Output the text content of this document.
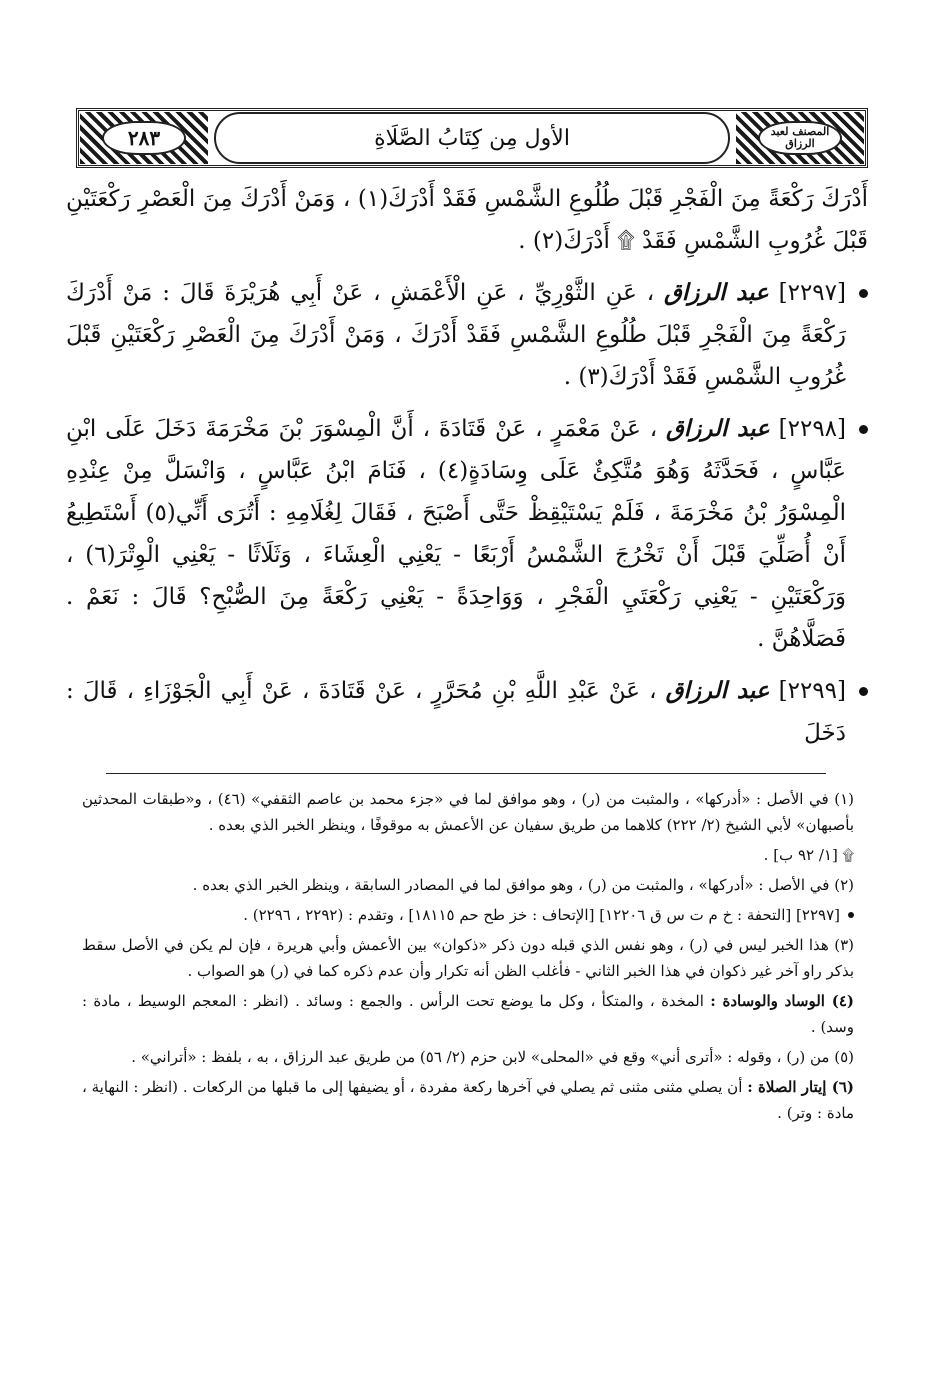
المصنف لعبد الرزاق
الأول مِن كِتَابُ الصَّلَاةِ
٢٨٣

أَدْرَكَ رَكْعَةً مِنَ الْفَجْرِ قَبْلَ طُلُوعِ الشَّمْسِ فَقَدْ أَدْرَكَ(١) ، وَمَنْ أَدْرَكَ مِنَ الْعَصْرِ رَكْعَتَيْنِ قَبْلَ غُرُوبِ الشَّمْسِ فَقَدْ ۩ أَدْرَكَ(٢) .

[٢٢٩٧] عبد الرزاق ، عَنِ الثَّوْرِيِّ ، عَنِ الْأَعْمَشِ ، عَنْ أَبِي هُرَيْرَةَ قَالَ : مَنْ أَدْرَكَ رَكْعَةً مِنَ الْفَجْرِ قَبْلَ طُلُوعِ الشَّمْسِ فَقَدْ أَدْرَكَ ، وَمَنْ أَدْرَكَ مِنَ الْعَصْرِ رَكْعَتَيْنِ قَبْلَ غُرُوبِ الشَّمْسِ فَقَدْ أَدْرَكَ(٣) .

[٢٢٩٨] عبد الرزاق ، عَنْ مَعْمَرٍ ، عَنْ قَتَادَةَ ، أَنَّ الْمِسْوَرَ بْنَ مَخْرَمَةَ دَخَلَ عَلَى ابْنِ عَبَّاسٍ ، فَحَدَّثَهُ وَهُوَ مُتَّكِئٌ عَلَى وِسَادَةٍ(٤) ، فَنَامَ ابْنُ عَبَّاسٍ ، وَانْسَلَّ مِنْ عِنْدِهِ الْمِسْوَرُ بْنُ مَخْرَمَةَ ، فَلَمْ يَسْتَيْقِظْ حَتَّى أَصْبَحَ ، فَقَالَ لِغُلَامِهِ : أَتُرَى أَنِّي(٥) أَسْتَطِيعُ أَنْ أُصَلِّيَ قَبْلَ أَنْ تَخْرُجَ الشَّمْسُ أَرْبَعًا - يَعْنِي الْعِشَاءَ ، وَثَلَاثًا - يَعْنِي الْوِتْرَ(٦) ، وَرَكْعَتَيْنِ - يَعْنِي رَكْعَتَيِ الْفَجْرِ ، وَوَاحِدَةً - يَعْنِي رَكْعَةً مِنَ الصُّبْحِ؟ قَالَ : نَعَمْ . فَصَلَّاهُنَّ .

[٢٢٩٩] عبد الرزاق ، عَنْ عَبْدِ اللَّهِ بْنِ مُحَرَّرٍ ، عَنْ قَتَادَةَ ، عَنْ أَبِي الْجَوْزَاءِ ، قَالَ : دَخَلَ

(١) في الأصل : «أدركها» ، والمثبت من (ر) ، وهو موافق لما في «جزء محمد بن عاصم الثقفي» (٤٦) ، و«طبقات المحدثين بأصبهان» لأبي الشيخ (٢/ ٢٢٢) كلاهما من طريق سفيان عن الأعمش به موقوفًا ، وينظر الخبر الذي بعده .

۩ [١/ ٩٢ ب] .

(٢) في الأصل : «أدركها» ، والمثبت من (ر) ، وهو موافق لما في المصادر السابقة ، وينظر الخبر الذي بعده .

[٢٢٩٧] [التحفة : خ م ت س ق ١٢٢٠٦] [الإتحاف : خز طح حم ١٨١١٥] ، وتقدم : (٢٢٩٢ ، ٢٢٩٦) .

(٣) هذا الخبر ليس في (ر) ، وهو نفس الذي قبله دون ذكر «ذكوان» بين الأعمش وأبي هريرة ، فإن لم يكن في الأصل سقط بذكر راو آخر غير ذكوان في هذا الخبر الثاني - فأغلب الظن أنه تكرار وأن عدم ذكره كما في (ر) هو الصواب .

(٤) الوساد والوسادة : المخدة ، والمتكأ ، وكل ما يوضع تحت الرأس . والجمع : وسائد . (انظر : المعجم الوسيط ، مادة : وسد) .

(٥) من (ر) ، وقوله : «أترى أني» وقع في «المحلى» لابن حزم (٢/ ٥٦) من طريق عبد الرزاق ، به ، بلفظ : «أتراني» .

(٦) إيتار الصلاة : أن يصلي مثنى مثنى ثم يصلي في آخرها ركعة مفردة ، أو يضيفها إلى ما قبلها من الركعات . (انظر : النهاية ، مادة : وتر) .
